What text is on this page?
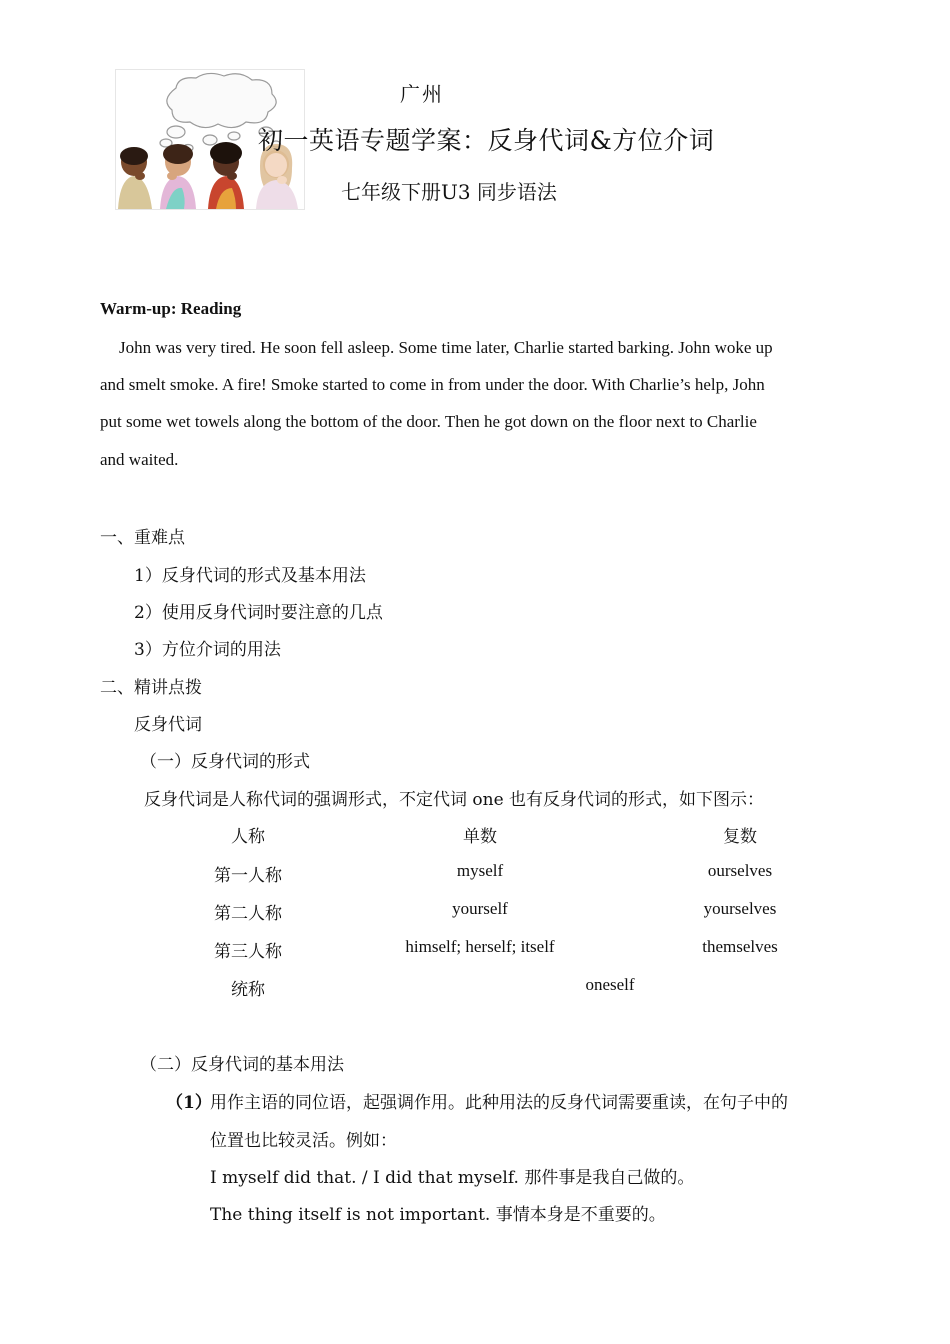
广州
初一英语专题学案：反身代词&方位介词
七年级下册U3 同步语法
Warm-up: Reading
John was very tired. He soon fell asleep. Some time later, Charlie started barking. John woke up
and smelt smoke. A fire! Smoke started to come in from under the door. With Charlie’s help, John
put some wet towels along the bottom of the door. Then he got down on the floor next to Charlie
and waited.
一、重难点
1）反身代词的形式及基本用法
2）使用反身代词时要注意的几点
3）方位介词的用法
二、精讲点拨
反身代词
（一）反身代词的形式
反身代词是人称代词的强调形式，不定代词 one 也有反身代词的形式，如下图示：
人称	单数	复数
第一人称	myself	ourselves
第二人称	yourself	yourselves
第三人称	himself; herself; itself	themselves
统称	oneself
（二）反身代词的基本用法
（1）
用作主语的同位语，起强调作用。此种用法的反身代词需要重读，在句子中的
位置也比较灵活。例如：
I myself did that. / I did that myself. 那件事是我自己做的。
The thing itself is not important. 事情本身是不重要的。
